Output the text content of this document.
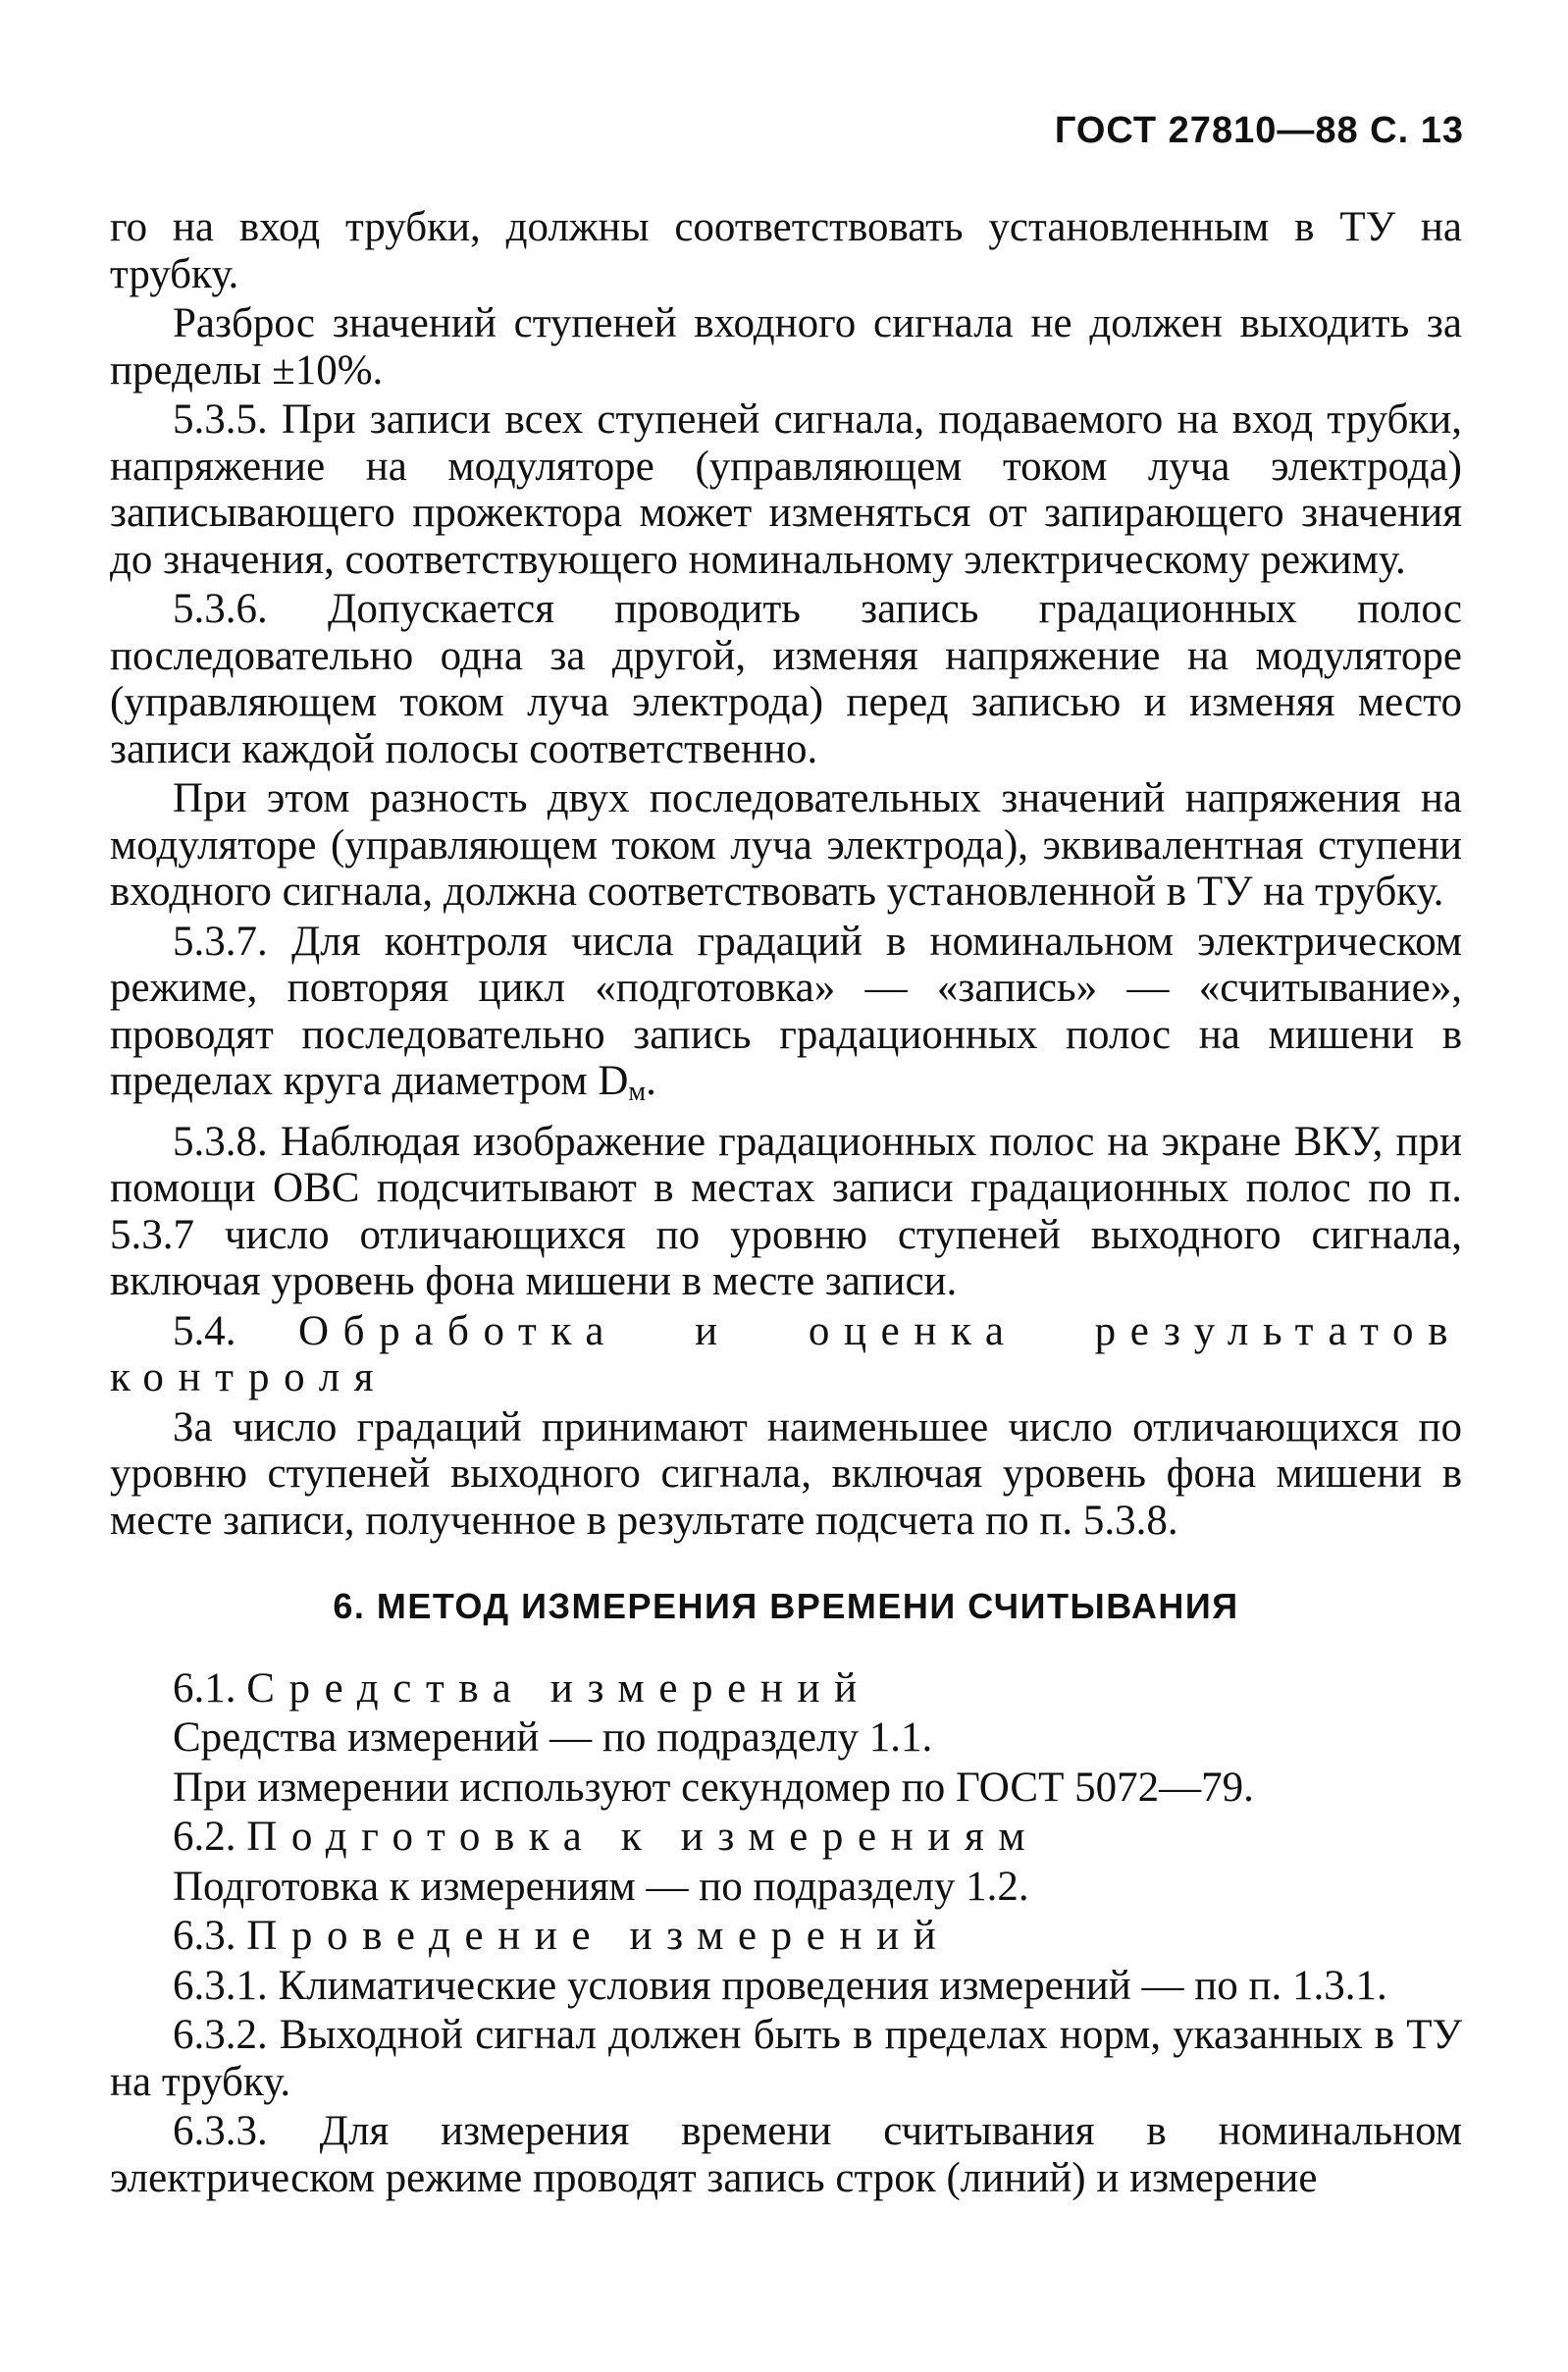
ГОСТ 27810—88 С. 13

го на вход трубки, должны соответствовать установленным в ТУ на трубку.

Разброс значений ступеней входного сигнала не должен выходить за пределы ±10%.

5.3.5. При записи всех ступеней сигнала, подаваемого на вход трубки, напряжение на модуляторе (управляющем током луча электрода) записывающего прожектора может изменяться от запирающего значения до значения, соответствующего номинальному электрическому режиму.

5.3.6. Допускается проводить запись градационных полос последовательно одна за другой, изменяя напряжение на модуляторе (управляющем током луча электрода) перед записью и изменяя место записи каждой полосы соответственно.

При этом разность двух последовательных значений напряжения на модуляторе (управляющем током луча электрода), эквивалентная ступени входного сигнала, должна соответствовать установленной в ТУ на трубку.

5.3.7. Для контроля числа градаций в номинальном электрическом режиме, повторяя цикл «подготовка» — «запись» — «считывание», проводят последовательно запись градационных полос на мишени в пределах круга диаметром $D_м$.

5.3.8. Наблюдая изображение градационных полос на экране ВКУ, при помощи ОВС подсчитывают в местах записи градационных полос по п. 5.3.7 число отличающихся по уровню ступеней выходного сигнала, включая уровень фона мишени в месте записи.

5.4. Обработка и оценка результатов контроля

За число градаций принимают наименьшее число отличающихся по уровню ступеней выходного сигнала, включая уровень фона мишени в месте записи, полученное в результате подсчета по п. 5.3.8.

6. МЕТОД ИЗМЕРЕНИЯ ВРЕМЕНИ СЧИТЫВАНИЯ

6.1. Средства измерений

Средства измерений — по подразделу 1.1.

При измерении используют секундомер по ГОСТ 5072—79.

6.2. Подготовка к измерениям

Подготовка к измерениям — по подразделу 1.2.

6.3. Проведение измерений

6.3.1. Климатические условия проведения измерений — по п. 1.3.1.

6.3.2. Выходной сигнал должен быть в пределах норм, указанных в ТУ на трубку.

6.3.3. Для измерения времени считывания в номинальном электрическом режиме проводят запись строк (линий) и измерение
